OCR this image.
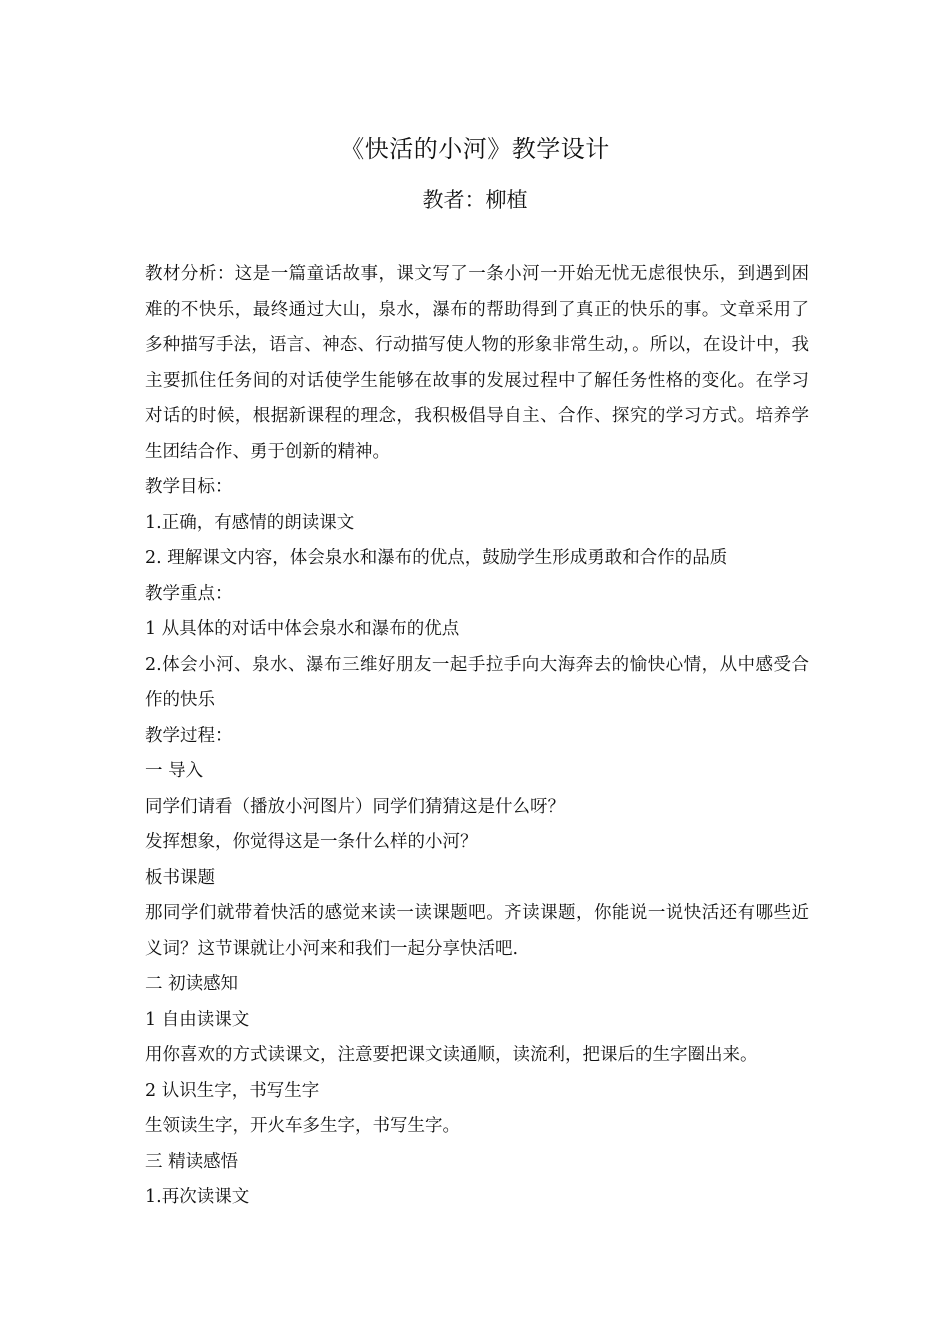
《快活的小河》教学设计
教者：柳植

教材分析：这是一篇童话故事，课文写了一条小河一开始无忧无虑很快乐，到遇到困难的不快乐，最终通过大山，泉水，瀑布的帮助得到了真正的快乐的事。文章采用了多种描写手法，语言、神态、行动描写使人物的形象非常生动，。所以，在设计中，我主要抓住任务间的对话使学生能够在故事的发展过程中了解任务性格的变化。在学习对话的时候，根据新课程的理念，我积极倡导自主、合作、探究的学习方式。培养学生团结合作、勇于创新的精神。

教学目标：

1.正确，有感情的朗读课文

2. 理解课文内容，体会泉水和瀑布的优点，鼓励学生形成勇敢和合作的品质

教学重点：

1 从具体的对话中体会泉水和瀑布的优点

2.体会小河、泉水、瀑布三维好朋友一起手拉手向大海奔去的愉快心情，从中感受合作的快乐

教学过程：

一 导入

同学们请看（播放小河图片）同学们猜猜这是什么呀？

发挥想象，你觉得这是一条什么样的小河？

板书课题

那同学们就带着快活的感觉来读一读课题吧。齐读课题，你能说一说快活还有哪些近义词？这节课就让小河来和我们一起分享快活吧.

二 初读感知

1 自由读课文

用你喜欢的方式读课文，注意要把课文读通顺，读流利，把课后的生字圈出来。

2 认识生字，书写生字

生领读生字，开火车多生字，书写生字。

三 精读感悟

1.再次读课文
